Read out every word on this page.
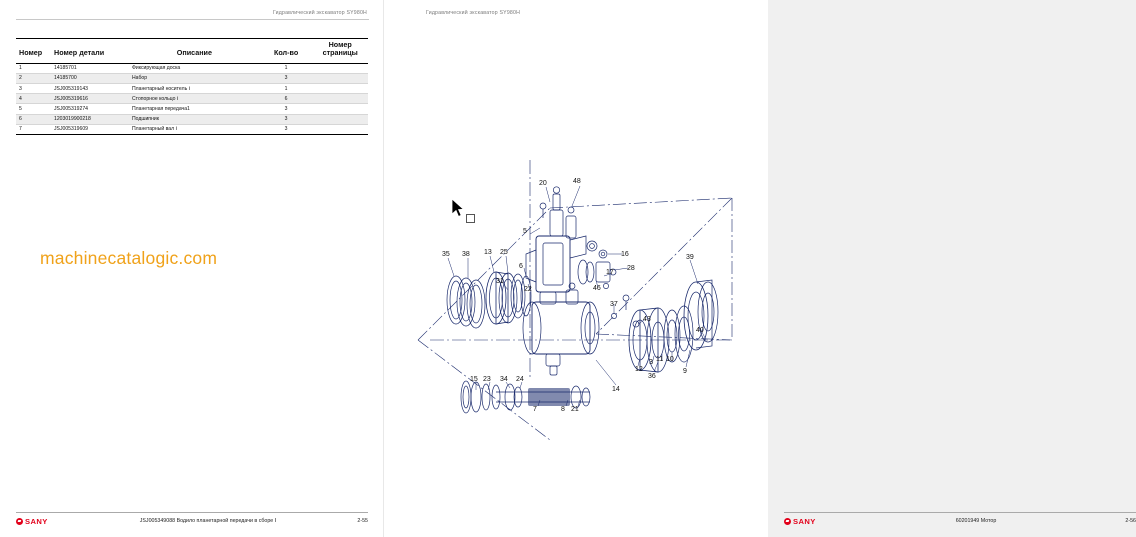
Гидравлический экскаватор SY980H
Номер	Номер детали	Описание	Кол-во	Номер
страницы
1	14185701	Фиксирующая доска	1	
2	14185700	Набор	3	
3	JSJ005319143	Планетарный носитель Ⅰ	1	
4	JSJ005319616	Стопорное кольцо Ⅰ	6	
5	JSJ005319274	Планетарная передача1	3	
6	1203019900218	Подшипник	3	
7	JSJ005319609	Планетарный вал Ⅰ	3	
machinecatalogic.com
SANY	JSJ005349088 Водило планетарной передачи в сборе Ⅰ	2-55
Гидравлический экскаватор SY980H
SANY	60201949 Мотор	2-56
20	48
5
35 38 13 25
6
31
22
16
28
17
46
37
43
39
40
12
3 11 10
36
9
14
15 23 34 24
7	8 21
